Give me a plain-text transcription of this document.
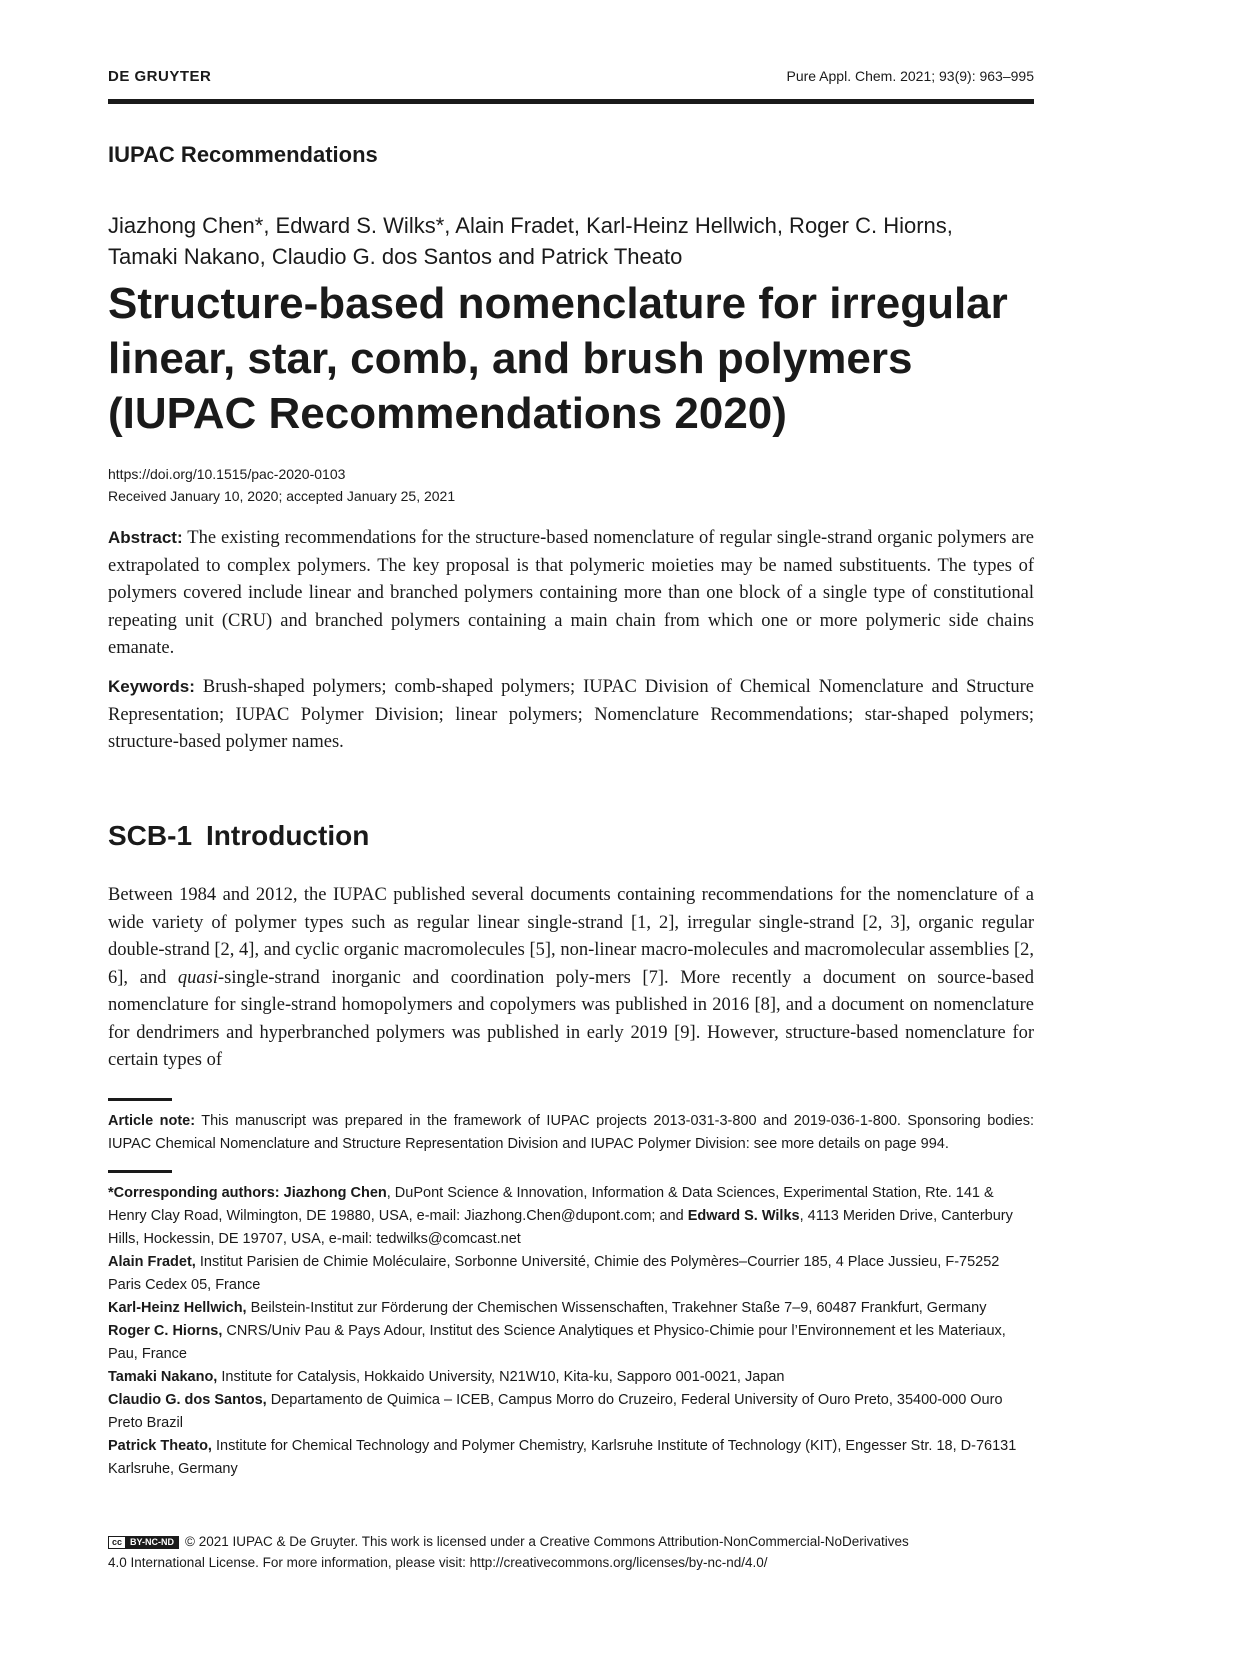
DE GRUYTER	Pure Appl. Chem. 2021; 93(9): 963–995
IUPAC Recommendations
Jiazhong Chen*, Edward S. Wilks*, Alain Fradet, Karl-Heinz Hellwich, Roger C. Hiorns,
Tamaki Nakano, Claudio G. dos Santos and Patrick Theato
Structure-based nomenclature for irregular
linear, star, comb, and brush polymers
(IUPAC Recommendations 2020)
https://doi.org/10.1515/pac-2020-0103
Received January 10, 2020; accepted January 25, 2021
Abstract: The existing recommendations for the structure-based nomenclature of regular single-strand organic polymers are extrapolated to complex polymers. The key proposal is that polymeric moieties may be named substituents. The types of polymers covered include linear and branched polymers containing more than one block of a single type of constitutional repeating unit (CRU) and branched polymers containing a main chain from which one or more polymeric side chains emanate.
Keywords: Brush-shaped polymers; comb-shaped polymers; IUPAC Division of Chemical Nomenclature and Structure Representation; IUPAC Polymer Division; linear polymers; Nomenclature Recommendations; star-shaped polymers; structure-based polymer names.
SCB-1 Introduction
Between 1984 and 2012, the IUPAC published several documents containing recommendations for the nomenclature of a wide variety of polymer types such as regular linear single-strand [1, 2], irregular single-strand [2, 3], organic regular double-strand [2, 4], and cyclic organic macromolecules [5], non-linear macro-molecules and macromolecular assemblies [2, 6], and quasi-single-strand inorganic and coordination poly-mers [7]. More recently a document on source-based nomenclature for single-strand homopolymers and copolymers was published in 2016 [8], and a document on nomenclature for dendrimers and hyperbranched polymers was published in early 2019 [9]. However, structure-based nomenclature for certain types of
Article note: This manuscript was prepared in the framework of IUPAC projects 2013-031-3-800 and 2019-036-1-800. Sponsoring bodies: IUPAC Chemical Nomenclature and Structure Representation Division and IUPAC Polymer Division: see more details on page 994.

*Corresponding authors: Jiazhong Chen, DuPont Science & Innovation, Information & Data Sciences, Experimental Station, Rte. 141 & Henry Clay Road, Wilmington, DE 19880, USA, e-mail: Jiazhong.Chen@dupont.com; and Edward S. Wilks, 4113 Meriden Drive, Canterbury Hills, Hockessin, DE 19707, USA, e-mail: tedwilks@comcast.net

Alain Fradet, Institut Parisien de Chimie Moléculaire, Sorbonne Université, Chimie des Polymères–Courrier 185, 4 Place Jussieu, F-75252 Paris Cedex 05, France

Karl-Heinz Hellwich, Beilstein-Institut zur Förderung der Chemischen Wissenschaften, Trakehner Staße 7–9, 60487 Frankfurt, Germany

Roger C. Hiorns, CNRS/Univ Pau & Pays Adour, Institut des Science Analytiques et Physico-Chimie pour l’Environnement et les Materiaux, Pau, France

Tamaki Nakano, Institute for Catalysis, Hokkaido University, N21W10, Kita-ku, Sapporo 001-0021, Japan

Claudio G. dos Santos, Departamento de Quimica – ICEB, Campus Morro do Cruzeiro, Federal University of Ouro Preto, 35400-000 Ouro Preto Brazil

Patrick Theato, Institute for Chemical Technology and Polymer Chemistry, Karlsruhe Institute of Technology (KIT), Engesser Str. 18, D-76131 Karlsruhe, Germany

cc BY-NC-ND © 2021 IUPAC & De Gruyter. This work is licensed under a Creative Commons Attribution-NonCommercial-NoDerivatives
4.0 International License. For more information, please visit: http://creativecommons.org/licenses/by-nc-nd/4.0/
